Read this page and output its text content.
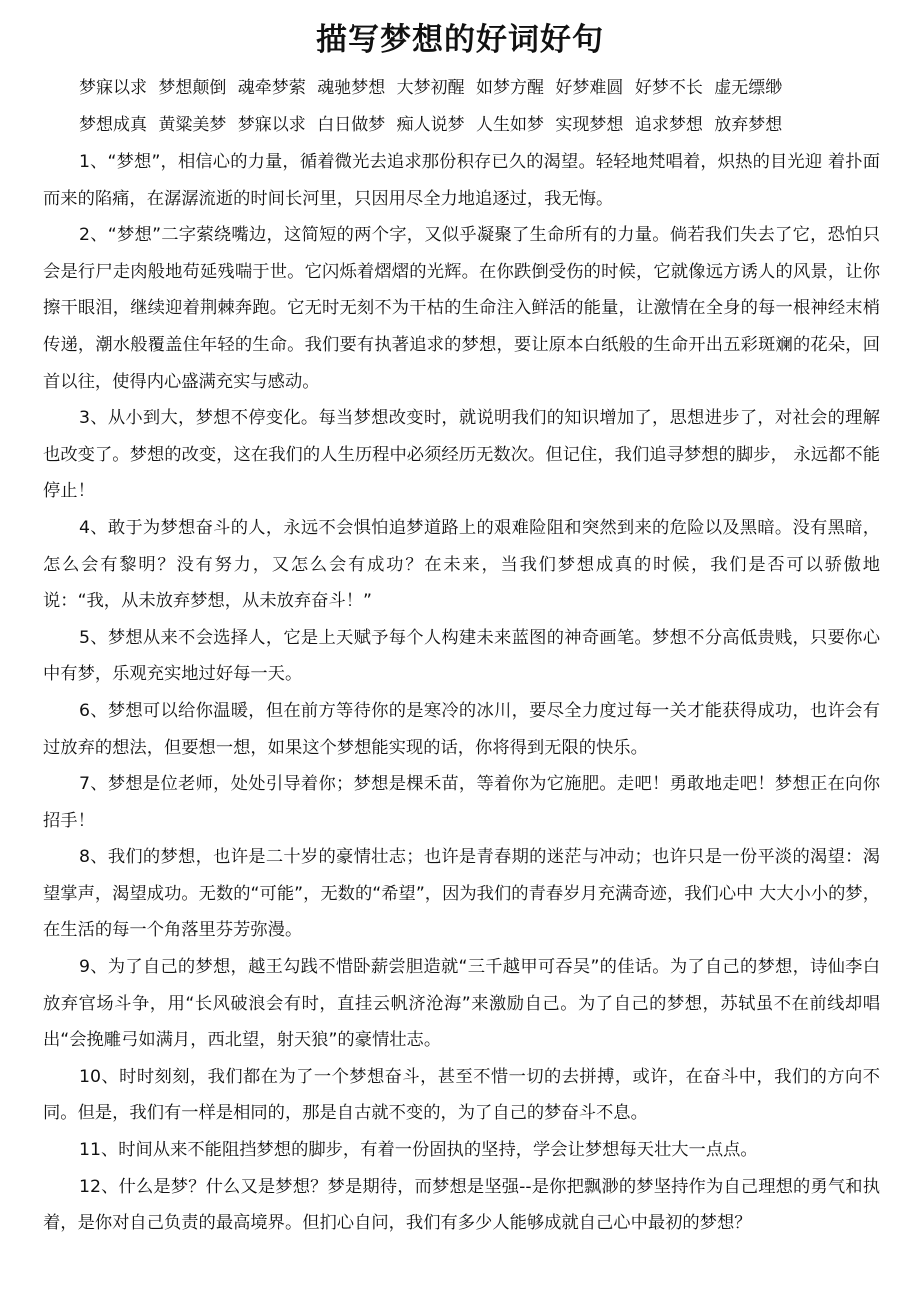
描写梦想的好词好句

梦寐以求 梦想颠倒 魂牵梦萦 魂驰梦想 大梦初醒 如梦方醒 好梦难圆 好梦不长 虚无缥缈

梦想成真 黄粱美梦 梦寐以求 白日做梦 痴人说梦 人生如梦 实现梦想 追求梦想 放弃梦想

1、“梦想”，相信心的力量，循着微光去追求那份积存已久的渴望。轻轻地梵唱着，炽热的目光迎 着扑面而来的陷痛，在潺潺流逝的时间长河里，只因用尽全力地追逐过，我无悔。

2、“梦想”二字萦绕嘴边，这简短的两个字，又似乎凝聚了生命所有的力量。倘若我们失去了它，恐怕只会是行尸走肉般地苟延残喘于世。它闪烁着熠熠的光辉。在你跌倒受伤的时候，它就像远方诱人的风景，让你擦干眼泪，继续迎着荆棘奔跑。它无时无刻不为干枯的生命注入鲜活的能量，让激情在全身的每一根神经末梢传递，潮水般覆盖住年轻的生命。我们要有执著追求的梦想，要让原本白纸般的生命开出五彩斑斓的花朵，回首以往，使得内心盛满充实与感动。

3、从小到大，梦想不停变化。每当梦想改变时，就说明我们的知识增加了，思想进步了，对社会的理解也改变了。梦想的改变，这在我们的人生历程中必须经历无数次。但记住，我们追寻梦想的脚步， 永远都不能停止！

4、敢于为梦想奋斗的人，永远不会惧怕追梦道路上的艰难险阻和突然到来的危险以及黑暗。没有黑暗，怎么会有黎明？没有努力，又怎么会有成功？在未来，当我们梦想成真的时候，我们是否可以骄傲地说：“我，从未放弃梦想，从未放弃奋斗！”

5、梦想从来不会选择人，它是上天赋予每个人构建未来蓝图的神奇画笔。梦想不分高低贵贱，只要你心中有梦，乐观充实地过好每一天。

6、梦想可以给你温暖，但在前方等待你的是寒冷的冰川，要尽全力度过每一关才能获得成功，也许会有过放弃的想法，但要想一想，如果这个梦想能实现的话，你将得到无限的快乐。

7、梦想是位老师，处处引导着你；梦想是棵禾苗，等着你为它施肥。走吧！勇敢地走吧！梦想正在向你招手！

8、我们的梦想，也许是二十岁的豪情壮志；也许是青春期的迷茫与冲动；也许只是一份平淡的渴望：渴望掌声，渴望成功。无数的“可能”，无数的“希望”，因为我们的青春岁月充满奇迹，我们心中 大大小小的梦，在生活的每一个角落里芬芳弥漫。

9、为了自己的梦想，越王勾践不惜卧薪尝胆造就“三千越甲可吞吴”的佳话。为了自己的梦想，诗仙李白放弃官场斗争，用“长风破浪会有时，直挂云帆济沧海”来激励自己。为了自己的梦想，苏轼虽不在前线却唱出“会挽雕弓如满月，西北望，射天狼”的豪情壮志。

10、时时刻刻，我们都在为了一个梦想奋斗，甚至不惜一切的去拼搏，或许，在奋斗中，我们的方向不同。但是，我们有一样是相同的，那是自古就不变的，为了自己的梦奋斗不息。

11、时间从来不能阻挡梦想的脚步，有着一份固执的坚持，学会让梦想每天壮大一点点。

12、什么是梦？什么又是梦想？梦是期待，而梦想是坚强--是你把飘渺的梦坚持作为自己理想的勇气和执着，是你对自己负责的最高境界。但扪心自问，我们有多少人能够成就自己心中最初的梦想？
